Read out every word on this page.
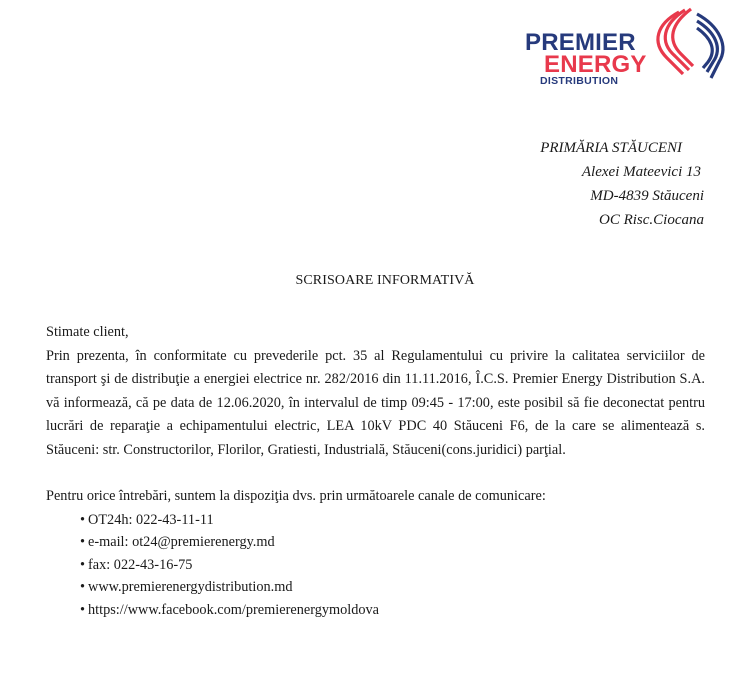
PREMIER
ENERGY
DISTRIBUTION
PRIMĂRIA STĂUCENI
Alexei Mateevici 13
MD-4839 Stăuceni
OC Risc.Ciocana
SCRISOARE INFORMATIVĂ

Stimate client,

Prin prezenta, în conformitate cu prevederile pct. 35 al Regulamentului cu privire la calitatea serviciilor de transport şi de distribuţie a energiei electrice nr. 282/2016 din 11.11.2016, Î.C.S. Premier Energy Distribution S.A. vă informează, că pe data de 12.06.2020, în intervalul de timp 09:45 - 17:00, este posibil să fie deconectat pentru lucrări de reparaţie a echipamentului electric, LEA 10kV PDC 40 Stăuceni F6, de la care se alimentează s. Stăuceni: str. Constructorilor, Florilor, Gratiesti, Industrială, Stăuceni(cons.juridici) parţial.

Pentru orice întrebări, suntem la dispoziţia dvs. prin următoarele canale de comunicare:

• OT24h: 022-43-11-11
• e-mail: ot24@premierenergy.md
• fax: 022-43-16-75
• www.premierenergydistribution.md
• https://www.facebook.com/premierenergymoldova
